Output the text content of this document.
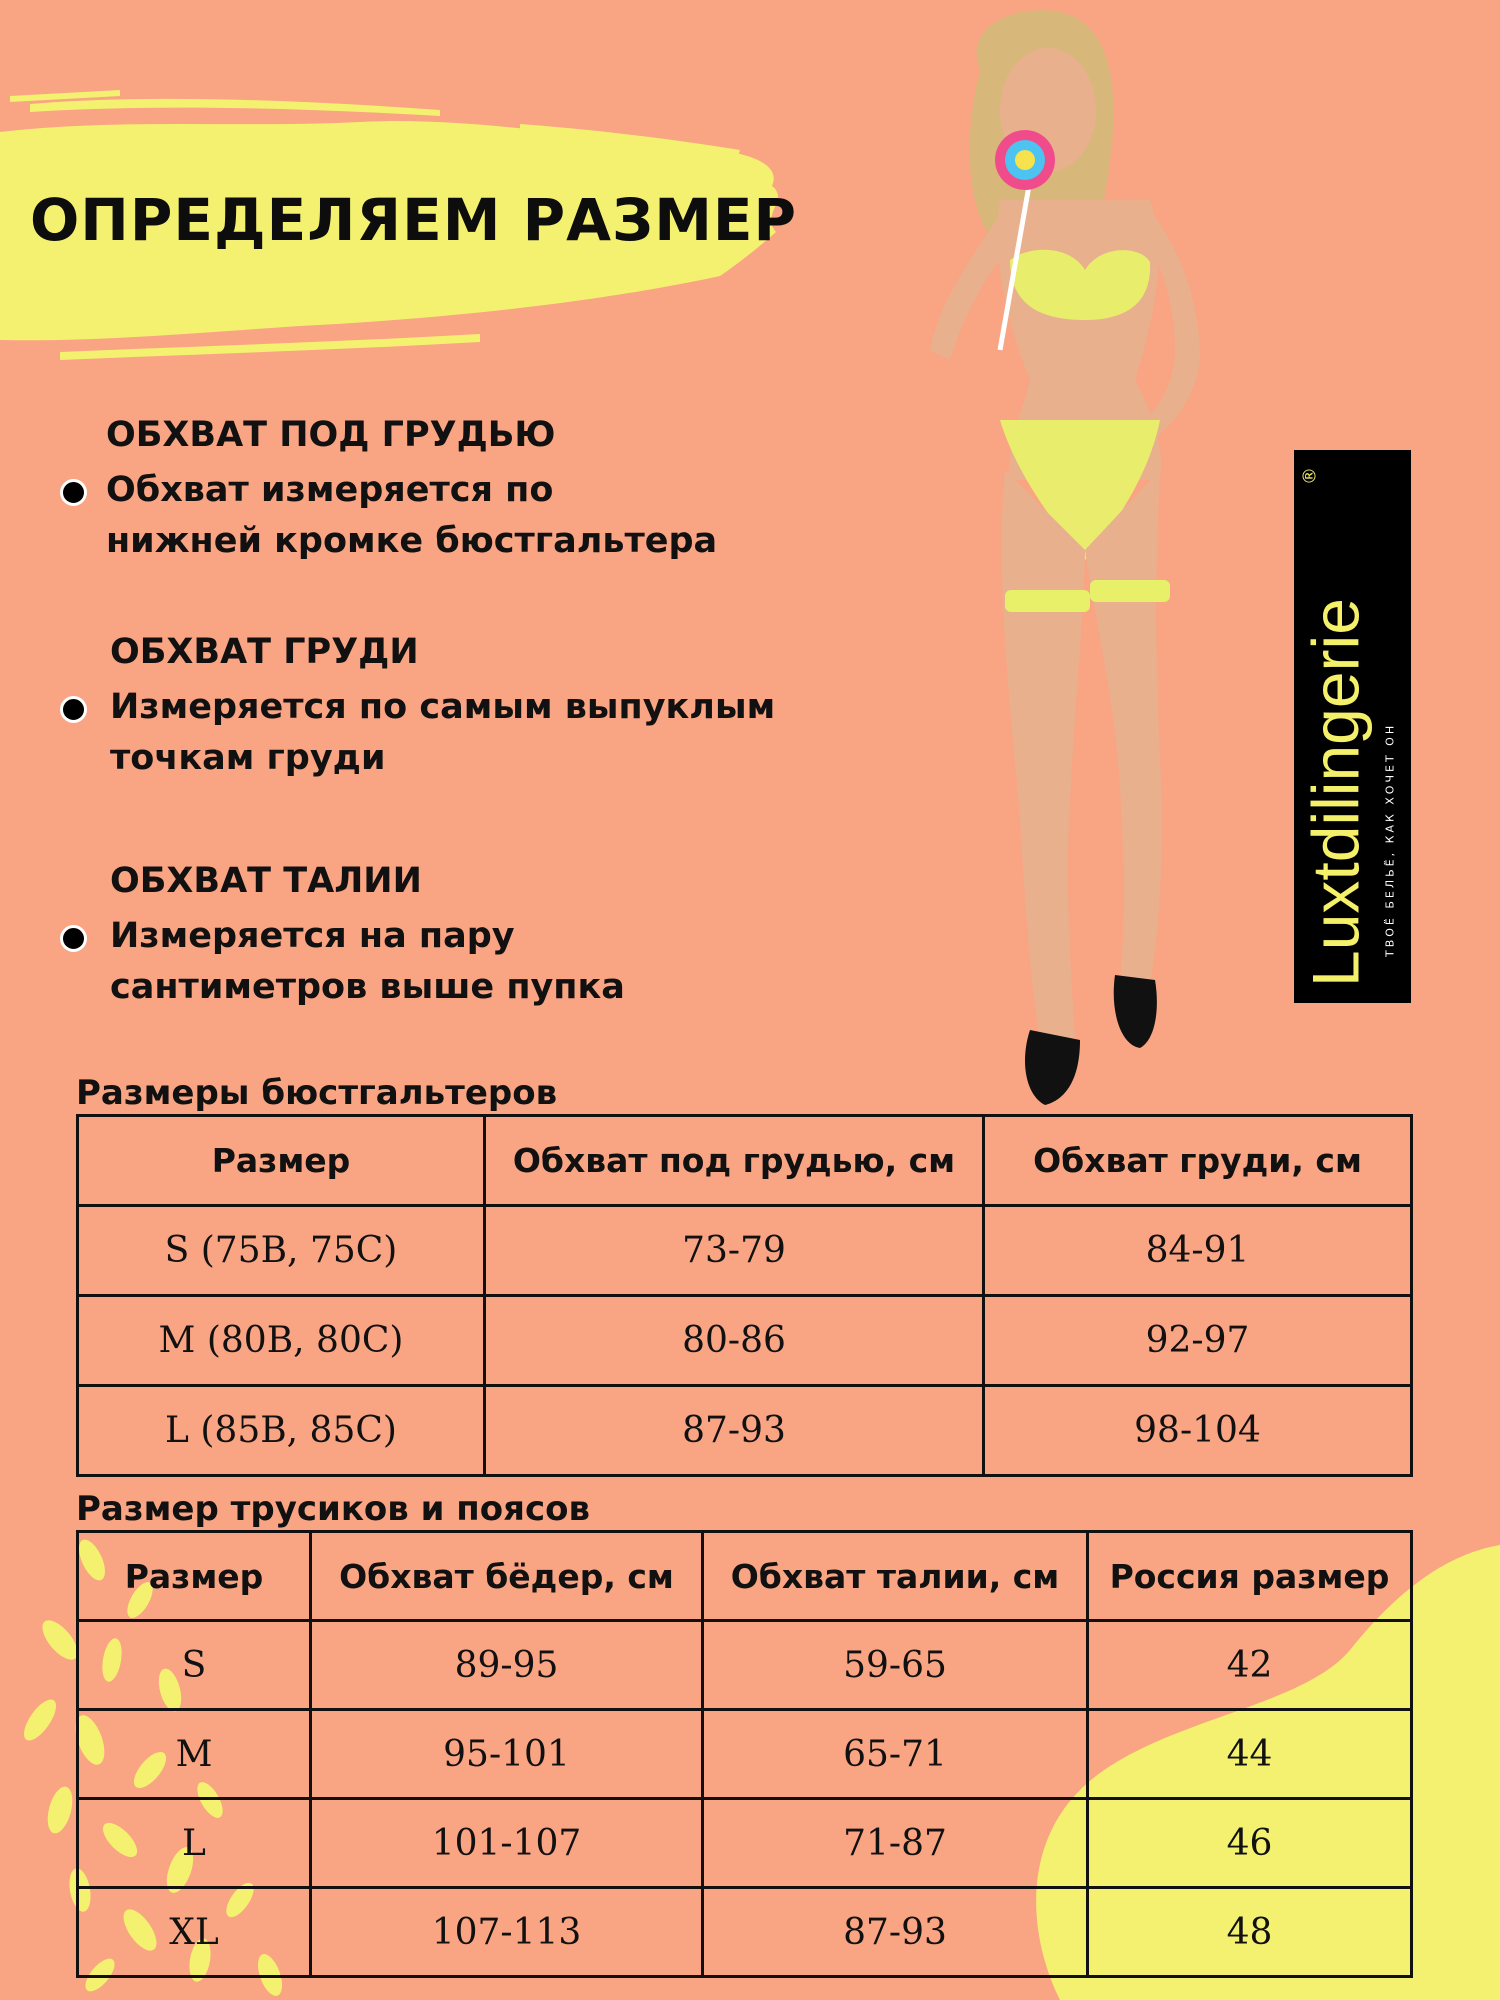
ОПРЕДЕЛЯЕМ РАЗМЕР
ОБХВАТ ПОД ГРУДЬЮ
Обхват измеряется по
нижней кромке бюстгальтера
ОБХВАТ ГРУДИ
Измеряется по самым выпуклым
точкам груди
ОБХВАТ ТАЛИИ
Измеряется на пару
сантиметров выше пупка	Luxtdilingerie
®
ТВОЁ БЕЛЬЁ, КАК ХОЧЕТ ОН
Размеры бюстгальтеров
Размер	Обхват под грудью, см	Обхват груди, см
S (75B, 75C)	73-79	84-91
M (80B, 80C)	80-86	92-97
L (85B, 85C)	87-93	98-104
Размер трусиков и поясов
Размер	Обхват бёдер, см	Обхват талии, см	Россия размер
S	89-95	59-65	42
M	95-101	65-71	44
L	101-107	71-87	46
XL	107-113	87-93	48
